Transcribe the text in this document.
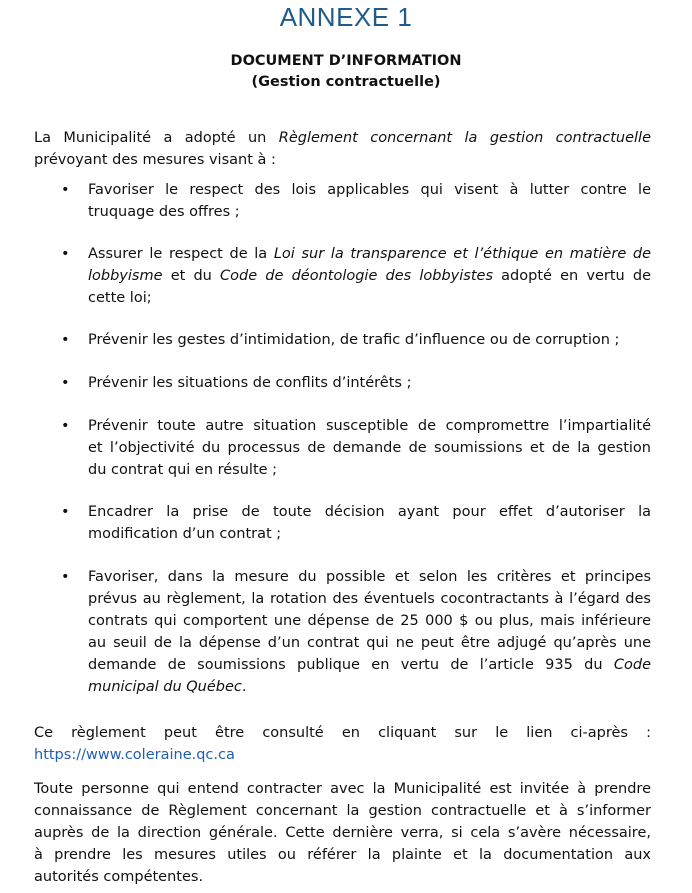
ANNEXE 1
DOCUMENT D’INFORMATION
(Gestion contractuelle)
La Municipalité a adopté un Règlement concernant la gestion contractuelle
prévoyant des mesures visant à :
• Favoriser le respect des lois applicables qui visent à lutter contre le
truquage des offres ;
• Assurer le respect de la Loi sur la transparence et l’éthique en matière de
lobbyisme et du Code de déontologie des lobbyistes adopté en vertu de
cette loi;
• Prévenir les gestes d’intimidation, de trafic d’influence ou de corruption ;
• Prévenir les situations de conflits d’intérêts ;
• Prévenir toute autre situation susceptible de compromettre l’impartialité
et l’objectivité du processus de demande de soumissions et de la gestion
du contrat qui en résulte ;
• Encadrer la prise de toute décision ayant pour effet d’autoriser la
modification d’un contrat ;
• Favoriser, dans la mesure du possible et selon les critères et principes
prévus au règlement, la rotation des éventuels cocontractants à l’égard des
contrats qui comportent une dépense de 25 000 $ ou plus, mais inférieure
au seuil de la dépense d’un contrat qui ne peut être adjugé qu’après une
demande de soumissions publique en vertu de l’article 935 du Code
municipal du Québec.
Ce règlement peut être consulté en cliquant sur le lien ci-après :
https://www.coleraine.qc.ca
Toute personne qui entend contracter avec la Municipalité est invitée à prendre
connaissance de Règlement concernant la gestion contractuelle et à s’informer
auprès de la direction générale. Cette dernière verra, si cela s’avère nécessaire,
à prendre les mesures utiles ou référer la plainte et la documentation aux
autorités compétentes.
